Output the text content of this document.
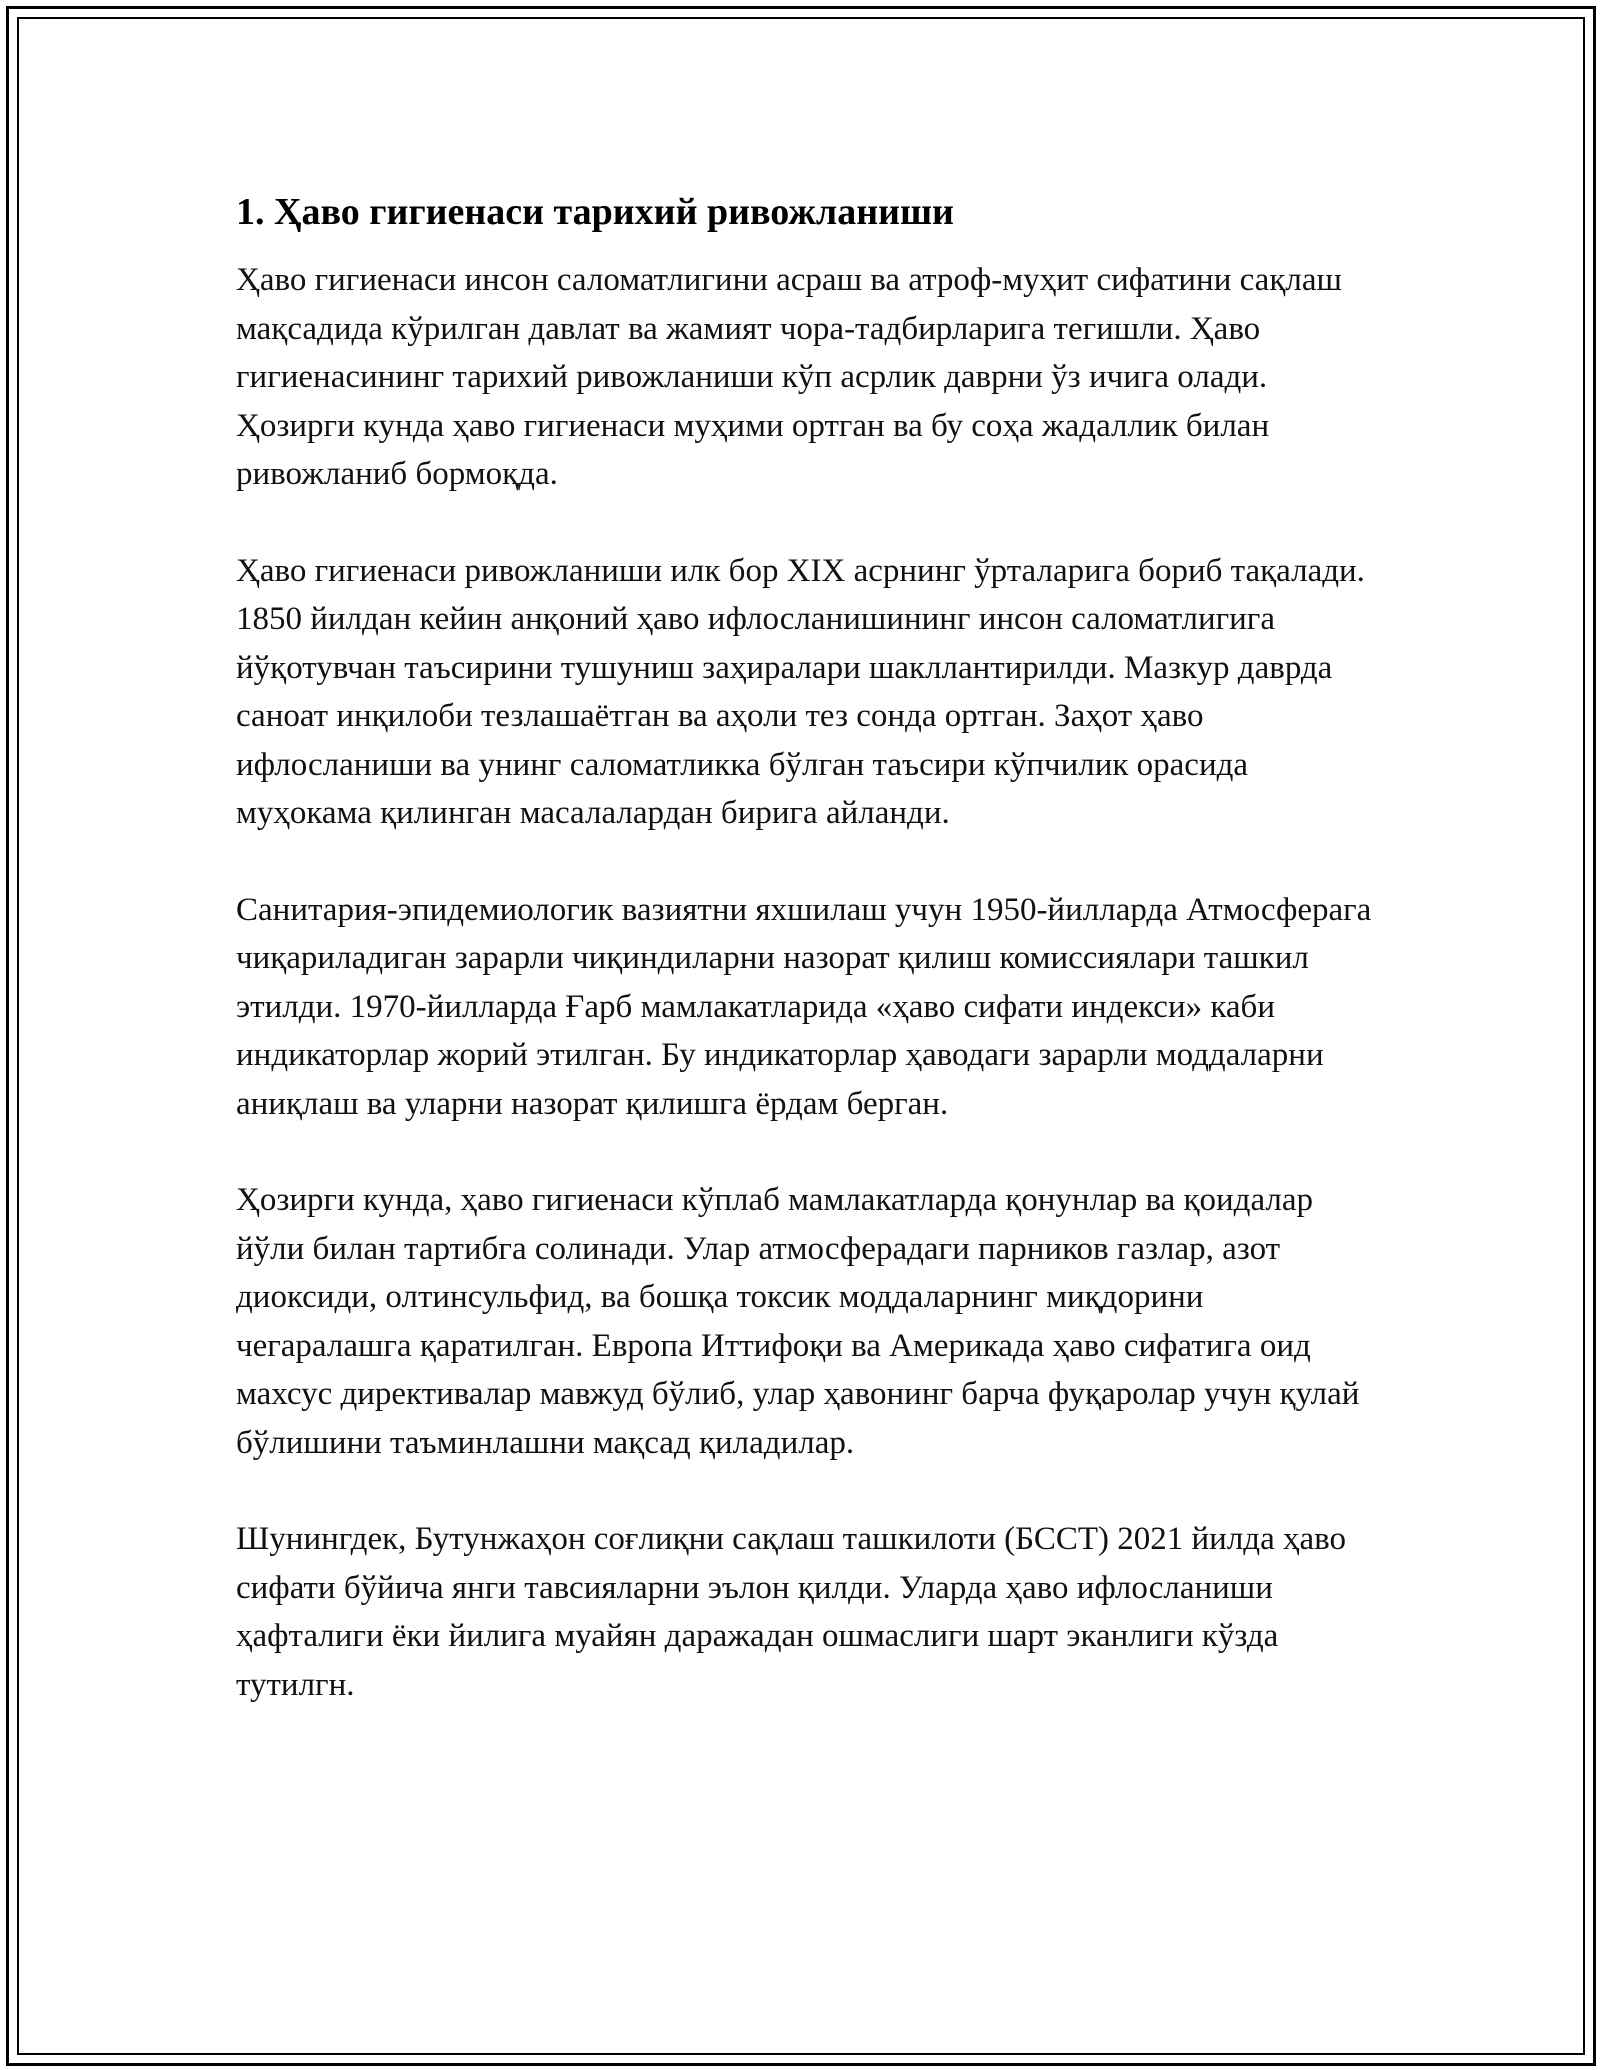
1. Ҳаво гигиенаси тарихий ривожланиши

Ҳаво гигиенаси инсон саломатлигини асраш ва атроф-муҳит сифатини сақлаш мақсадида кўрилган давлат ва жамият чора-тадбирларига тегишли. Ҳаво гигиенасининг тарихий ривожланиши кўп асрлик даврни ўз ичига олади. Ҳозирги кунда ҳаво гигиенаси муҳими ортган ва бу соҳа жадаллик билан ривожланиб бормоқда.

Ҳаво гигиенаси ривожланиши илк бор XIX асрнинг ўрталарига бориб тақалади. 1850 йилдан кейин анқоний ҳаво ифлосланишининг инсон саломатлигига йўқотувчан таъсирини тушуниш заҳиралари шакллантирилди. Мазкур даврда саноат инқилоби тезлашаётган ва аҳоли тез сонда ортган. Заҳот ҳаво ифлосланиши ва унинг саломатликка бўлган таъсири кўпчилик орасида муҳокама қилинган масалалардан бирига айланди.

Санитария-эпидемиологик вазиятни яхшилаш учун 1950-йилларда Атмосферага чиқариладиган зарарли чиқиндиларни назорат қилиш комиссиялари ташкил этилди. 1970-йилларда Ғарб мамлакатларида «ҳаво сифати индекси» каби индикаторлар жорий этилган. Бу индикаторлар ҳаводаги зарарли моддаларни аниқлаш ва уларни назорат қилишга ёрдам берган.

Ҳозирги кунда, ҳаво гигиенаси кўплаб мамлакатларда қонунлар ва қоидалар йўли билан тартибга солинади. Улар атмосферадаги парников газлар, азот диоксиди, олтинсульфид, ва бошқа токсик моддаларнинг миқдорини чегаралашга қаратилган. Европа Иттифоқи ва Америкада ҳаво сифатига оид махсус директивалар мавжуд бўлиб, улар ҳавонинг барча фуқаролар учун қулай бўлишини таъминлашни мақсад қиладилар.

Шунингдек, Бутунжаҳон соғлиқни сақлаш ташкилоти (БССТ) 2021 йилда ҳаво сифати бўйича янги тавсияларни эълон қилди. Уларда ҳаво ифлосланиши ҳафталиги ёки йилига муайян даражадан ошмаслиги шарт эканлиги кўзда тутилгн.
